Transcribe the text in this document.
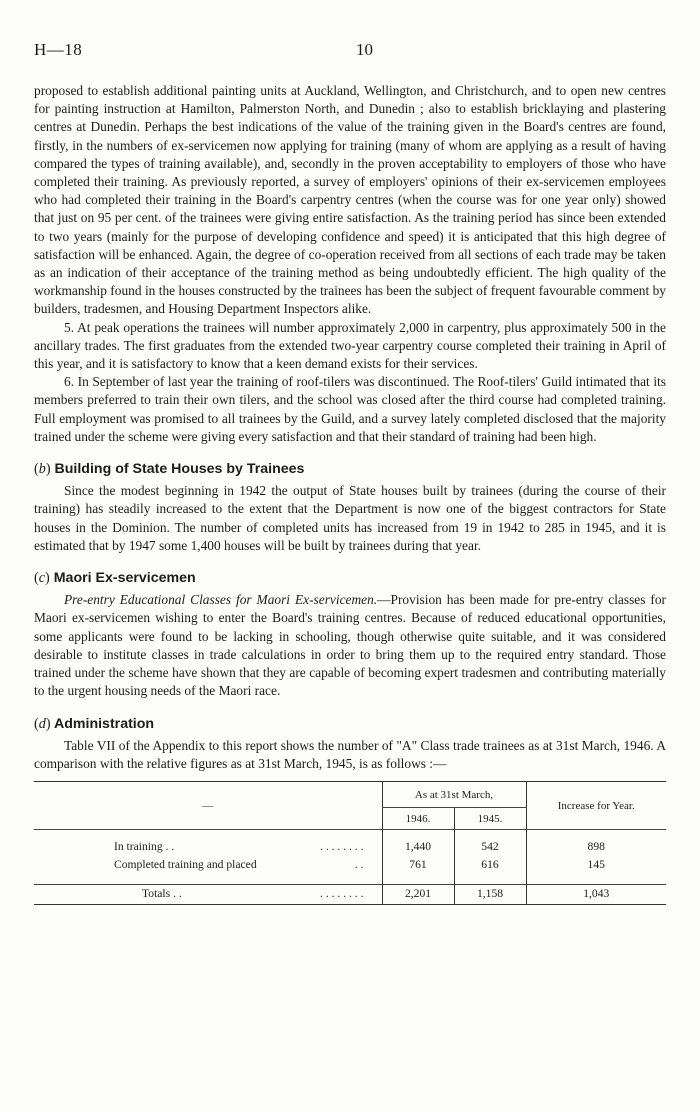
H—18	10

proposed to establish additional painting units at Auckland, Wellington, and Christchurch, and to open new centres for painting instruction at Hamilton, Palmerston North, and Dunedin ; also to establish bricklaying and plastering centres at Dunedin. Perhaps the best indications of the value of the training given in the Board's centres are found, firstly, in the numbers of ex-servicemen now applying for training (many of whom are applying as a result of having compared the types of training available), and, secondly in the proven acceptability to employers of those who have completed their training. As previously reported, a survey of employers' opinions of their ex-servicemen employees who had completed their training in the Board's carpentry centres (when the course was for one year only) showed that just on 95 per cent. of the trainees were giving entire satisfaction. As the training period has since been extended to two years (mainly for the purpose of developing confidence and speed) it is anticipated that this high degree of satisfaction will be enhanced. Again, the degree of co-operation received from all sections of each trade may be taken as an indication of their acceptance of the training method as being undoubtedly efficient. The high quality of the workmanship found in the houses constructed by the trainees has been the subject of frequent favourable comment by builders, tradesmen, and Housing Department Inspectors alike.

5. At peak operations the trainees will number approximately 2,000 in carpentry, plus approximately 500 in the ancillary trades. The first graduates from the extended two-year carpentry course completed their training in April of this year, and it is satisfactory to know that a keen demand exists for their services.

6. In September of last year the training of roof-tilers was discontinued. The Roof-tilers' Guild intimated that its members preferred to train their own tilers, and the school was closed after the third course had completed training. Full employment was promised to all trainees by the Guild, and a survey lately completed disclosed that the majority trained under the scheme were giving every satisfaction and that their standard of training had been high.

(b) Building of State Houses by Trainees

Since the modest beginning in 1942 the output of State houses built by trainees (during the course of their training) has steadily increased to the extent that the Department is now one of the biggest contractors for State houses in the Dominion. The number of completed units has increased from 19 in 1942 to 285 in 1945, and it is estimated that by 1947 some 1,400 houses will be built by trainees during that year.

(c) Maori Ex-servicemen

Pre-entry Educational Classes for Maori Ex-servicemen.—Provision has been made for pre-entry classes for Maori ex-servicemen wishing to enter the Board's training centres. Because of reduced educational opportunities, some applicants were found to be lacking in schooling, though otherwise quite suitable, and it was considered desirable to institute classes in trade calculations in order to bring them up to the required entry standard. Those trained under the scheme have shown that they are capable of becoming expert tradesmen and contributing materially to the urgent housing needs of the Maori race.

(d) Administration

Table VII of the Appendix to this report shows the number of "A" Class trade trainees as at 31st March, 1946. A comparison with the relative figures as at 31st March, 1945, is as follows :—

—	As at 31st March,		Increase for Year.
	1946.	1945.	

In training . . . . . . . . . .	1,440	542	898
Completed training and placed . .	761	616	145

Totals . . . . . . . . . .	2,201	1,158	1,043
